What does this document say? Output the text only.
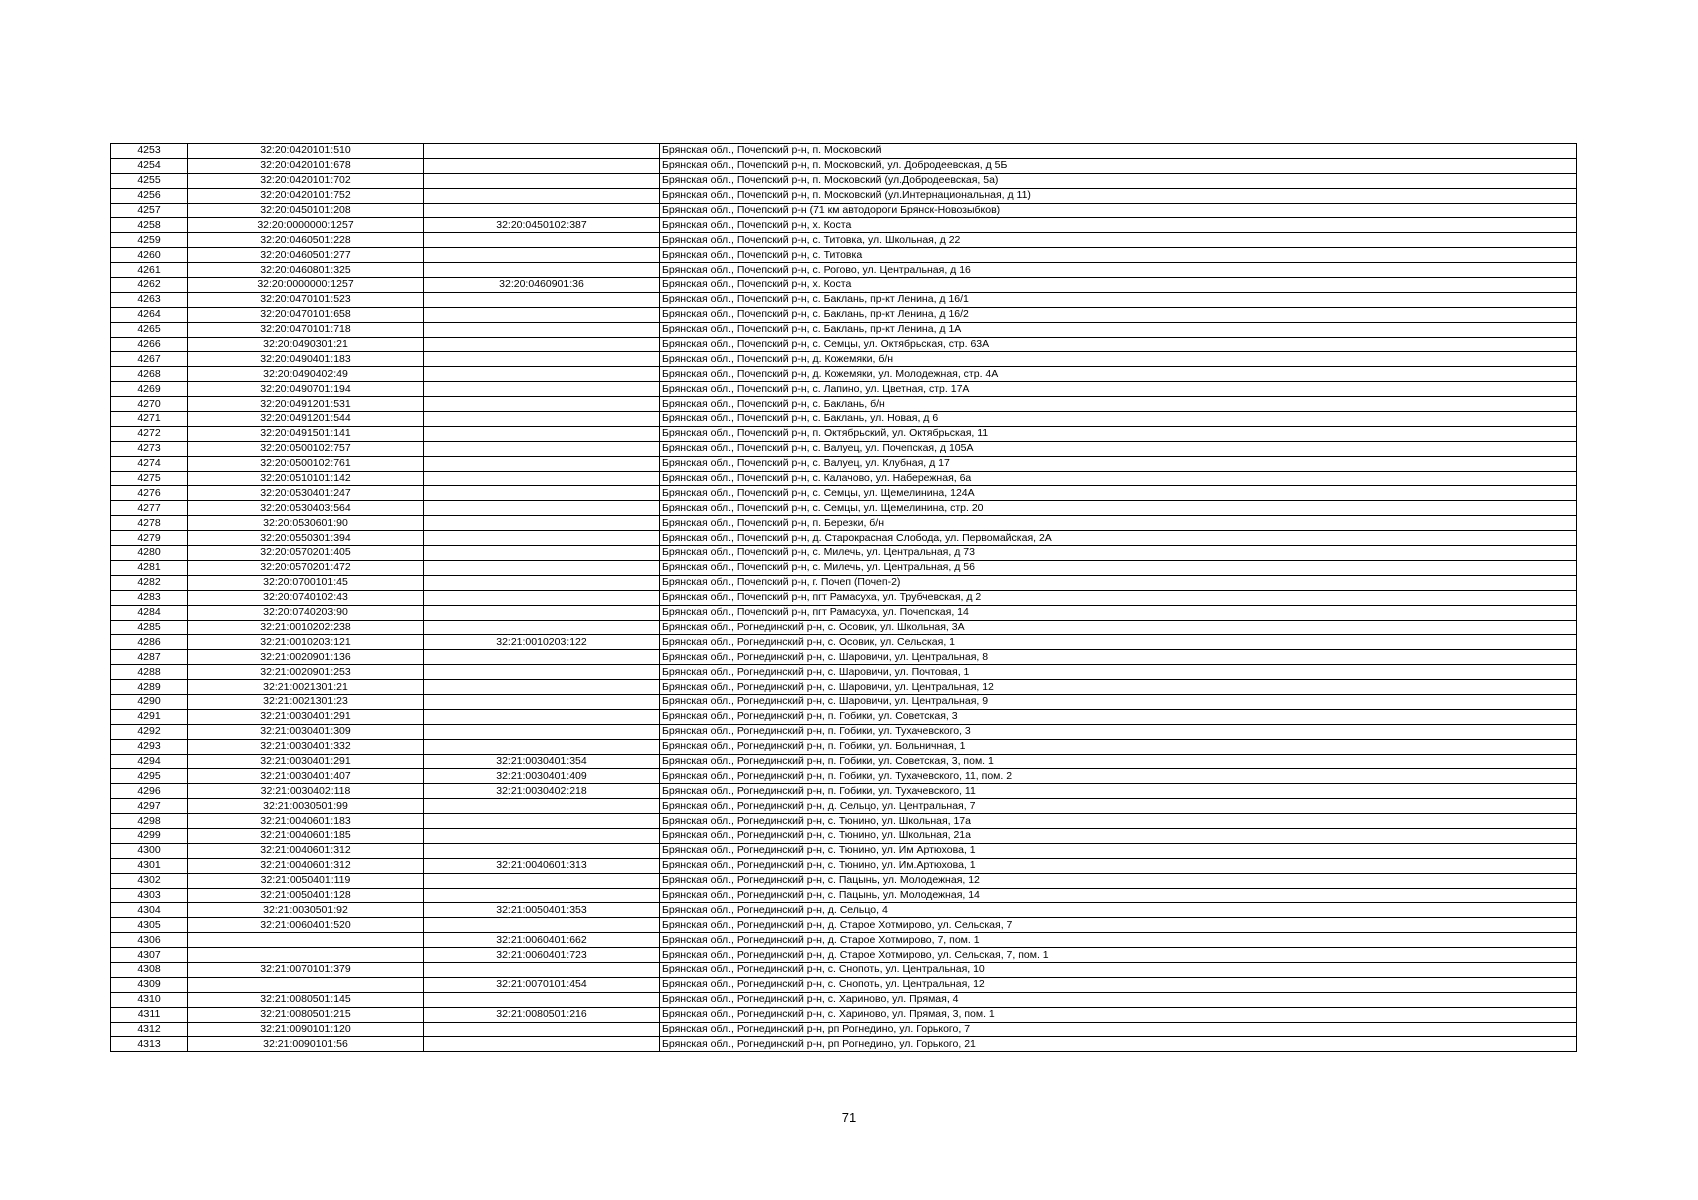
4253	32:20:0420101:510		Брянская обл., Почепский р-н, п. Московский
4254	32:20:0420101:678		Брянская обл., Почепский р-н, п. Московский, ул. Добродеевская, д 5Б
4255	32:20:0420101:702		Брянская обл., Почепский р-н, п. Московский (ул.Добродеевская, 5а)
4256	32:20:0420101:752		Брянская обл., Почепский р-н, п. Московский (ул.Интернациональная, д 11)
4257	32:20:0450101:208		Брянская обл., Почепский р-н (71 км автодороги Брянск-Новозыбков)
4258	32:20:0000000:1257	32:20:0450102:387	Брянская обл., Почепский р-н, х. Коста
4259	32:20:0460501:228		Брянская обл., Почепский р-н, с. Титовка, ул. Школьная, д 22
4260	32:20:0460501:277		Брянская обл., Почепский р-н, с. Титовка
4261	32:20:0460801:325		Брянская обл., Почепский р-н, с. Рогово, ул. Центральная, д 16
4262	32:20:0000000:1257	32:20:0460901:36	Брянская обл., Почепский р-н, х. Коста
4263	32:20:0470101:523		Брянская обл., Почепский р-н, с. Баклань, пр-кт Ленина, д 16/1
4264	32:20:0470101:658		Брянская обл., Почепский р-н, с. Баклань, пр-кт Ленина, д 16/2
4265	32:20:0470101:718		Брянская обл., Почепский р-н, с. Баклань, пр-кт Ленина, д 1А
4266	32:20:0490301:21		Брянская обл., Почепский р-н, с. Семцы, ул. Октябрьская, стр. 63А
4267	32:20:0490401:183		Брянская обл., Почепский р-н, д. Кожемяки, б/н
4268	32:20:0490402:49		Брянская обл., Почепский р-н, д. Кожемяки, ул. Молодежная, стр. 4А
4269	32:20:0490701:194		Брянская обл., Почепский р-н, с. Лапино, ул. Цветная, стр. 17А
4270	32:20:0491201:531		Брянская обл., Почепский р-н, с. Баклань, б/н
4271	32:20:0491201:544		Брянская обл., Почепский р-н, с. Баклань, ул. Новая, д 6
4272	32:20:0491501:141		Брянская обл., Почепский р-н, п. Октябрьский, ул. Октябрьская, 11
4273	32:20:0500102:757		Брянская обл., Почепский р-н, с. Валуец, ул. Почепская, д 105А
4274	32:20:0500102:761		Брянская обл., Почепский р-н, с. Валуец, ул. Клубная, д 17
4275	32:20:0510101:142		Брянская обл., Почепский р-н, с. Калачово, ул. Набережная, 6а
4276	32:20:0530401:247		Брянская обл., Почепский р-н, с. Семцы, ул. Щемелинина, 124А
4277	32:20:0530403:564		Брянская обл., Почепский р-н, с. Семцы, ул. Щемелинина, стр. 20
4278	32:20:0530601:90		Брянская обл., Почепский р-н, п. Березки, б/н
4279	32:20:0550301:394		Брянская обл., Почепский р-н, д. Старокрасная Слобода, ул. Первомайская, 2А
4280	32:20:0570201:405		Брянская обл., Почепский р-н, с. Милечь, ул. Центральная, д 73
4281	32:20:0570201:472		Брянская обл., Почепский р-н, с. Милечь, ул. Центральная, д 56
4282	32:20:0700101:45		Брянская обл., Почепский р-н, г. Почеп (Почеп-2)
4283	32:20:0740102:43		Брянская обл., Почепский р-н, пгт Рамасуха, ул. Трубчевская, д 2
4284	32:20:0740203:90		Брянская обл., Почепский р-н, пгт Рамасуха, ул. Почепская, 14
4285	32:21:0010202:238		Брянская обл., Рогнединский р-н, с. Осовик, ул. Школьная, 3А
4286	32:21:0010203:121	32:21:0010203:122	Брянская обл., Рогнединский р-н, с. Осовик, ул. Сельская, 1
4287	32:21:0020901:136		Брянская обл., Рогнединский р-н, с. Шаровичи, ул. Центральная, 8
4288	32:21:0020901:253		Брянская обл., Рогнединский р-н, с. Шаровичи, ул. Почтовая, 1
4289	32:21:0021301:21		Брянская обл., Рогнединский р-н, с. Шаровичи, ул. Центральная, 12
4290	32:21:0021301:23		Брянская обл., Рогнединский р-н, с. Шаровичи, ул. Центральная, 9
4291	32:21:0030401:291		Брянская обл., Рогнединский р-н, п. Гобики, ул. Советская, 3
4292	32:21:0030401:309		Брянская обл., Рогнединский р-н, п. Гобики, ул. Тухачевского, 3
4293	32:21:0030401:332		Брянская обл., Рогнединский р-н, п. Гобики, ул. Больничная, 1
4294	32:21:0030401:291	32:21:0030401:354	Брянская обл., Рогнединский р-н, п. Гобики, ул. Советская, 3, пом. 1
4295	32:21:0030401:407	32:21:0030401:409	Брянская обл., Рогнединский р-н, п. Гобики, ул. Тухачевского, 11, пом. 2
4296	32:21:0030402:118	32:21:0030402:218	Брянская обл., Рогнединский р-н, п. Гобики, ул. Тухачевского, 11
4297	32:21:0030501:99		Брянская обл., Рогнединский р-н, д. Сельцо, ул. Центральная, 7
4298	32:21:0040601:183		Брянская обл., Рогнединский р-н, с. Тюнино, ул. Школьная, 17а
4299	32:21:0040601:185		Брянская обл., Рогнединский р-н, с. Тюнино, ул. Школьная, 21а
4300	32:21:0040601:312		Брянская обл., Рогнединский р-н, с. Тюнино, ул. Им Артюхова, 1
4301	32:21:0040601:312	32:21:0040601:313	Брянская обл., Рогнединский р-н, с. Тюнино, ул. Им.Артюхова, 1
4302	32:21:0050401:119		Брянская обл., Рогнединский р-н, с. Пацынь, ул. Молодежная, 12
4303	32:21:0050401:128		Брянская обл., Рогнединский р-н, с. Пацынь, ул. Молодежная, 14
4304	32:21:0030501:92	32:21:0050401:353	Брянская обл., Рогнединский р-н, д. Сельцо, 4
4305	32:21:0060401:520		Брянская обл., Рогнединский р-н, д. Старое Хотмирово, ул. Сельская, 7
4306		32:21:0060401:662	Брянская обл., Рогнединский р-н, д. Старое Хотмирово, 7, пом. 1
4307		32:21:0060401:723	Брянская обл., Рогнединский р-н, д. Старое Хотмирово, ул. Сельская, 7, пом. 1
4308	32:21:0070101:379		Брянская обл., Рогнединский р-н, с. Снопоть, ул. Центральная, 10
4309		32:21:0070101:454	Брянская обл., Рогнединский р-н, с. Снопоть, ул. Центральная, 12
4310	32:21:0080501:145		Брянская обл., Рогнединский р-н, с. Хариново, ул. Прямая, 4
4311	32:21:0080501:215	32:21:0080501:216	Брянская обл., Рогнединский р-н, с. Хариново, ул. Прямая, 3, пом. 1
4312	32:21:0090101:120		Брянская обл., Рогнединский р-н, рп Рогнедино, ул. Горького, 7
4313	32:21:0090101:56		Брянская обл., Рогнединский р-н, рп Рогнедино, ул. Горького, 21
71
